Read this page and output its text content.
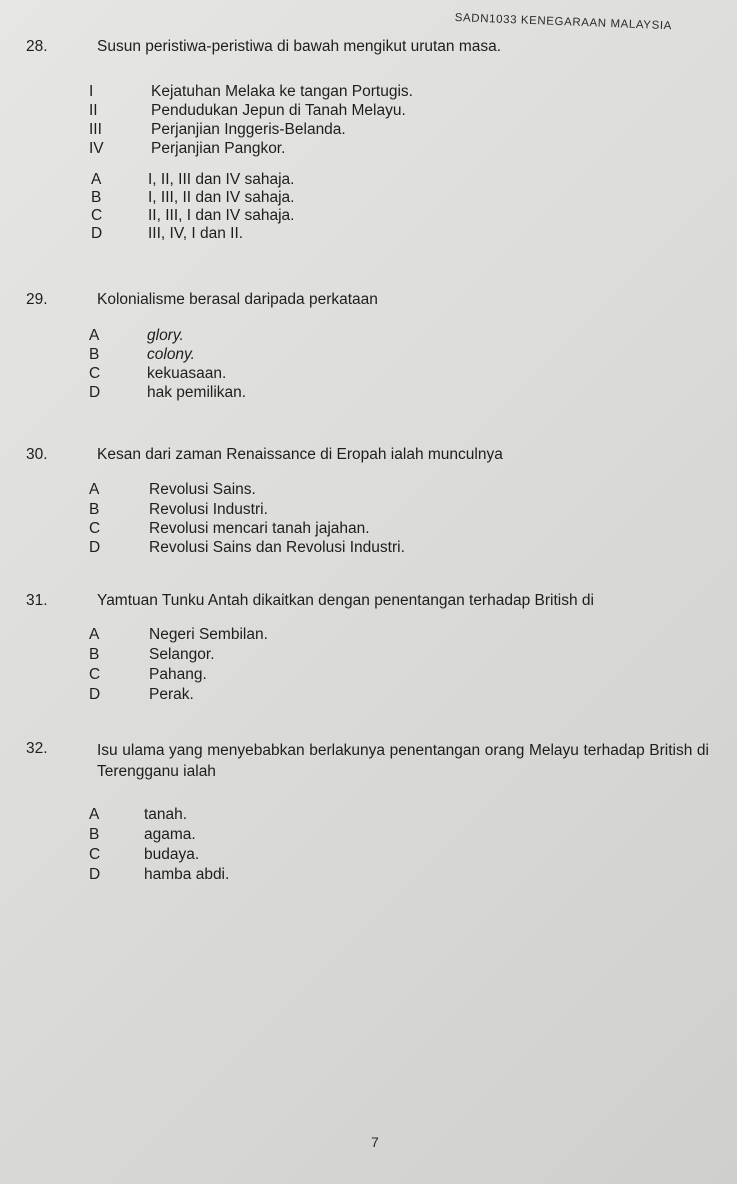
SADN1033 KENEGARAAN MALAYSIA
28.	Susun peristiwa-peristiwa di bawah mengikut urutan masa.
I	Kejatuhan Melaka ke tangan Portugis.
II	Pendudukan Jepun di Tanah Melayu.
III	Perjanjian Inggeris-Belanda.
IV	Perjanjian Pangkor.
A	I, II, III dan IV sahaja.
B	I, III, II dan IV sahaja.
C	II, III, I dan IV sahaja.
D	III, IV, I dan II.
29.	Kolonialisme berasal daripada perkataan
A	glory.
B	colony.
C	kekuasaan.
D	hak pemilikan.
30.	Kesan dari zaman Renaissance di Eropah ialah munculnya
A	Revolusi Sains.
B	Revolusi Industri.
C	Revolusi mencari tanah jajahan.
D	Revolusi Sains dan Revolusi Industri.
31.	Yamtuan Tunku Antah dikaitkan dengan penentangan terhadap British di
A	Negeri Sembilan.
B	Selangor.
C	Pahang.
D	Perak.
32.	Isu ulama yang menyebabkan berlakunya penentangan orang Melayu terhadap British di Terengganu ialah
A	tanah.
B	agama.
C	budaya.
D	hamba abdi.
7
